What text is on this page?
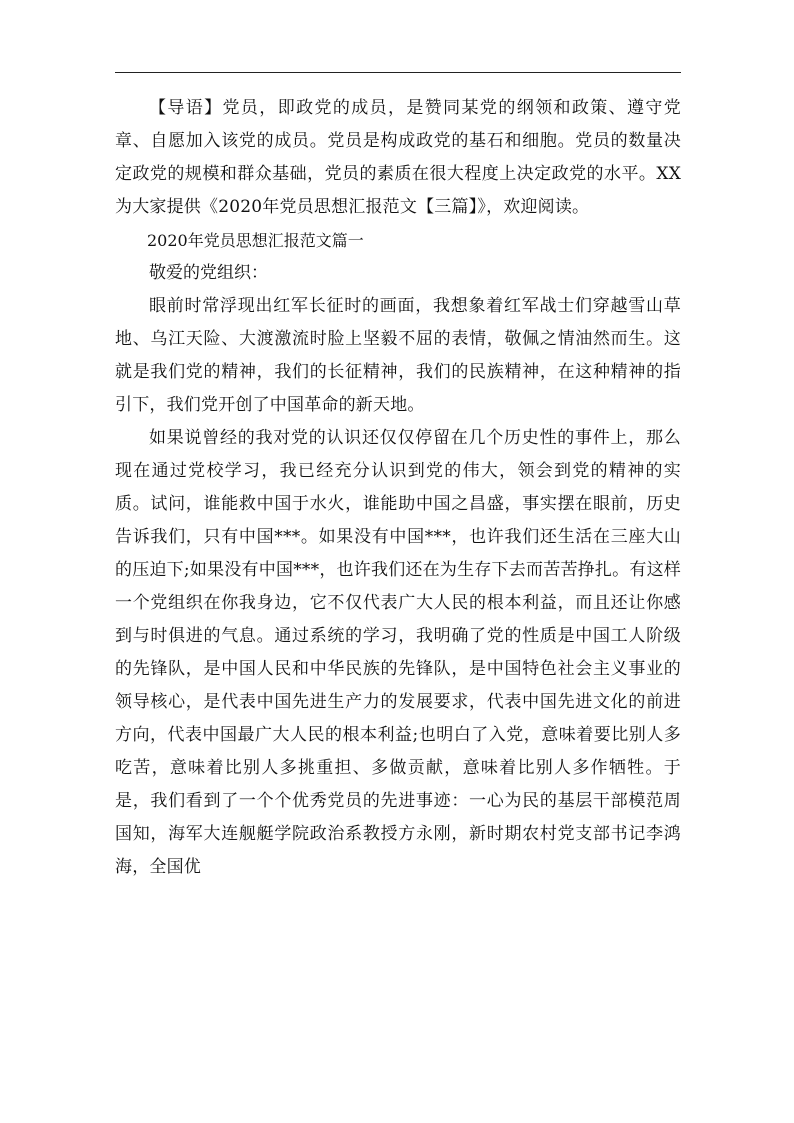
【导语】党员，即政党的成员，是赞同某党的纲领和政策、遵守党章、自愿加入该党的成员。党员是构成政党的基石和细胞。党员的数量决定政党的规模和群众基础，党员的素质在很大程度上决定政党的水平。XX为大家提供《2020年党员思想汇报范文【三篇】》，欢迎阅读。

2020年党员思想汇报范文篇一

敬爱的党组织：

眼前时常浮现出红军长征时的画面，我想象着红军战士们穿越雪山草地、乌江天险、大渡激流时脸上坚毅不屈的表情，敬佩之情油然而生。这就是我们党的精神，我们的长征精神，我们的民族精神，在这种精神的指引下，我们党开创了中国革命的新天地。

如果说曾经的我对党的认识还仅仅停留在几个历史性的事件上，那么现在通过党校学习，我已经充分认识到党的伟大，领会到党的精神的实质。试问，谁能救中国于水火，谁能助中国之昌盛，事实摆在眼前，历史告诉我们，只有中国***。如果没有中国***，也许我们还生活在三座大山的压迫下;如果没有中国***，也许我们还在为生存下去而苦苦挣扎。有这样一个党组织在你我身边，它不仅代表广大人民的根本利益，而且还让你感到与时俱进的气息。通过系统的学习，我明确了党的性质是中国工人阶级的先锋队，是中国人民和中华民族的先锋队，是中国特色社会主义事业的领导核心，是代表中国先进生产力的发展要求，代表中国先进文化的前进方向，代表中国最广大人民的根本利益;也明白了入党，意味着要比别人多吃苦，意味着比别人多挑重担、多做贡献，意味着比别人多作牺牲。于是，我们看到了一个个优秀党员的先进事迹：一心为民的基层干部模范周国知，海军大连舰艇学院政治系教授方永刚，新时期农村党支部书记李鸿海，全国优
